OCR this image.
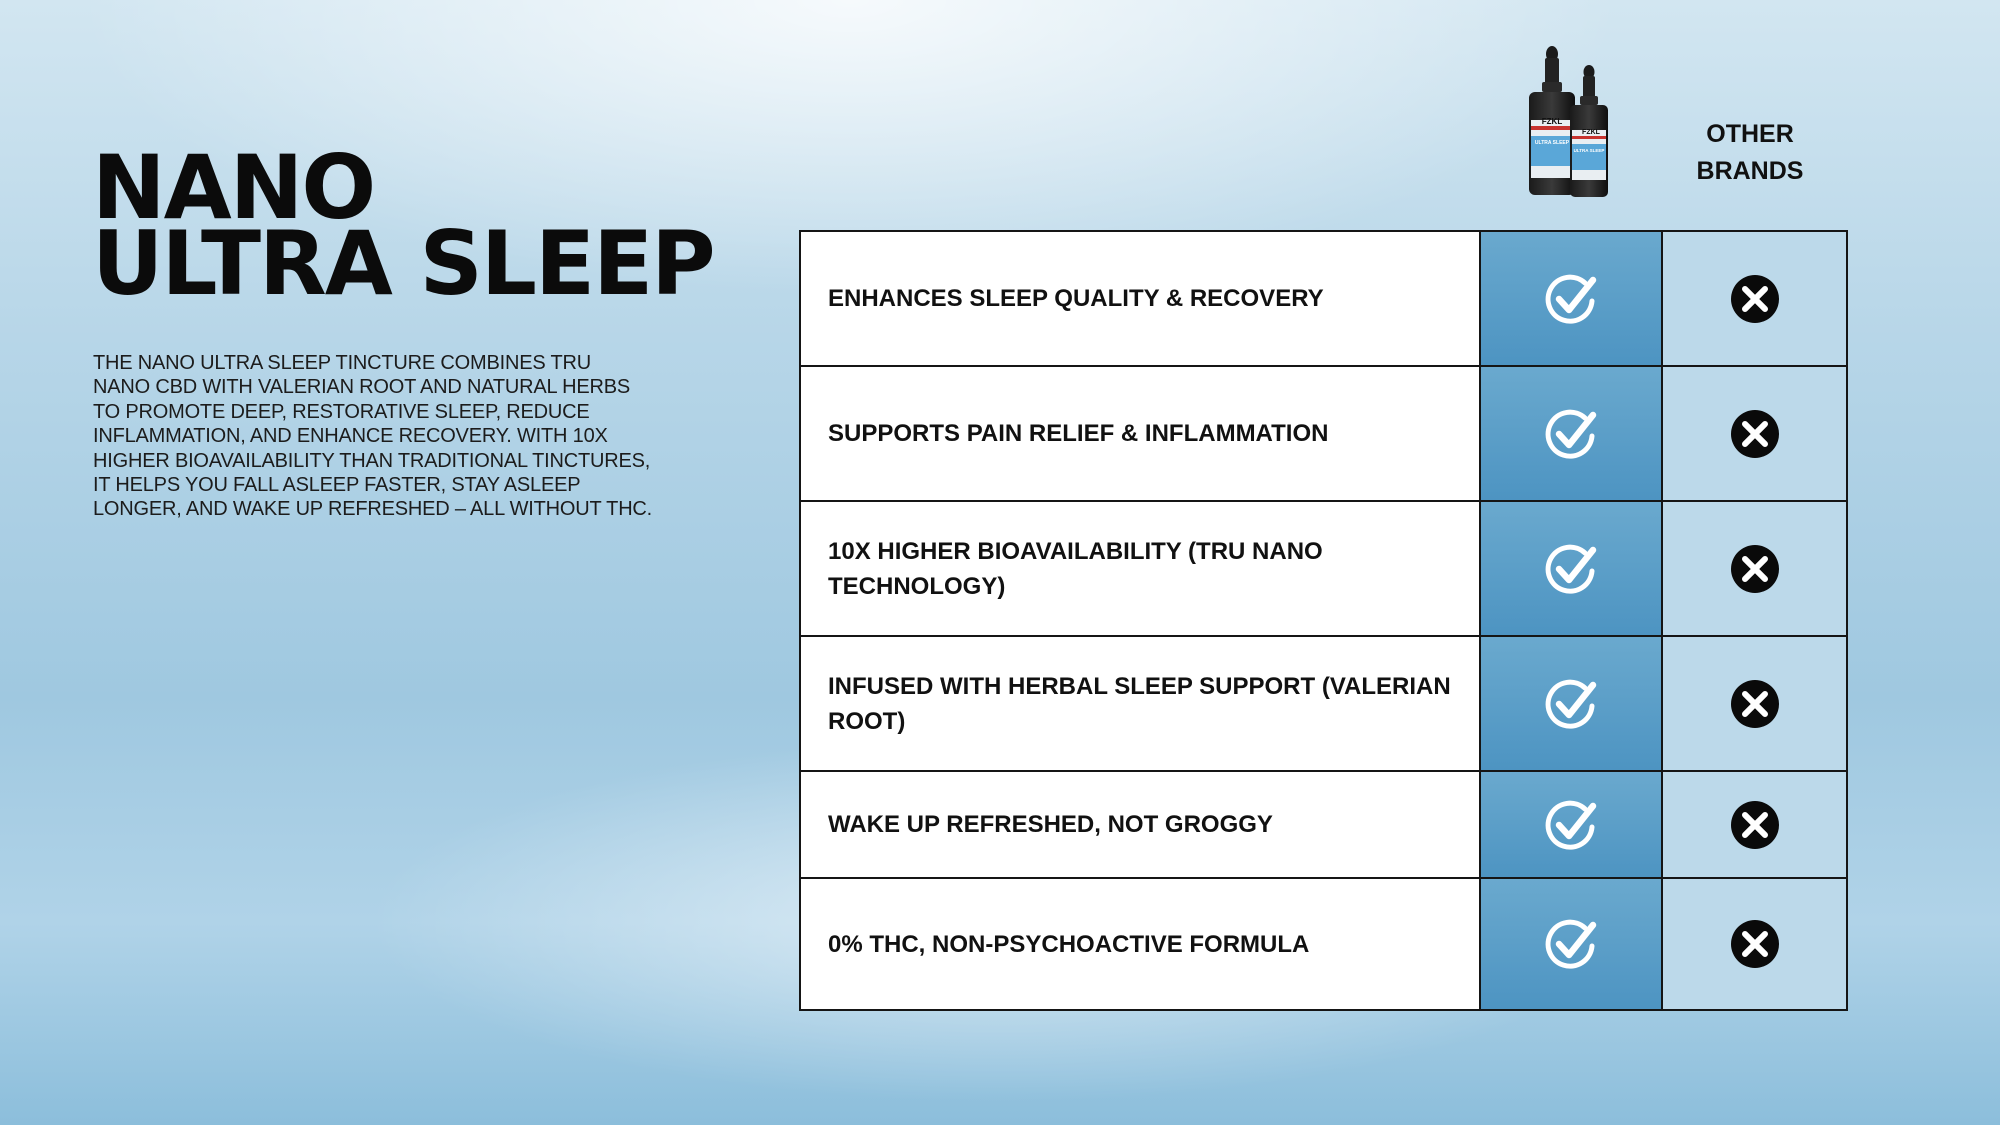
NANO
ULTRA SLEEP

THE NANO ULTRA SLEEP TINCTURE COMBINES TRU NANO CBD WITH VALERIAN ROOT AND NATURAL HERBS TO PROMOTE DEEP, RESTORATIVE SLEEP, REDUCE INFLAMMATION, AND ENHANCE RECOVERY. WITH 10X HIGHER BIOAVAILABILITY THAN TRADITIONAL TINCTURES, IT HELPS YOU FALL ASLEEP FASTER, STAY ASLEEP LONGER, AND WAKE UP REFRESHED – ALL WITHOUT THC.

FZKL
ULTRA SLEEP
FZKL
ULTRA SLEEP
OTHER
BRANDS
ENHANCES SLEEP QUALITY & RECOVERY
SUPPORTS PAIN RELIEF & INFLAMMATION
10X HIGHER BIOAVAILABILITY (TRU NANO TECHNOLOGY)
INFUSED WITH HERBAL SLEEP SUPPORT (VALERIAN ROOT)
WAKE UP REFRESHED, NOT GROGGY
0% THC, NON-PSYCHOACTIVE FORMULA
